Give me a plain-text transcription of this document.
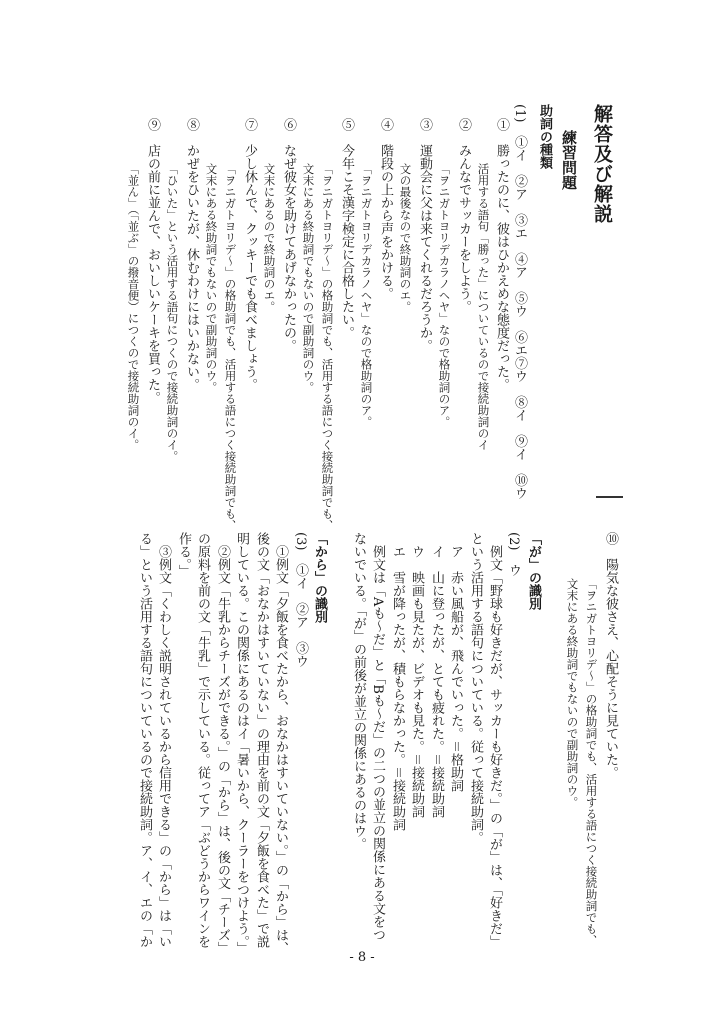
解答及び解説
練習問題
助詞の種類
(1)　①イ　②ア　③エ　④ア　⑤ウ　⑥エ⑦ウ　⑧イ　⑨イ　⑩ウ
①　勝ったのに、彼はひかえめな態度だった。
活用する語句「勝った」についているので接続助詞のイ
②　みんなでサッカーをしよう。
「ヲニガトヨリデカラノヘヤ」なので格助詞のア。
③　運動会に父は来てくれるだろうか。
文の最後なので終助詞のエ。
④　階段の上から声をかける。
「ヲニガトヨリデカラノヘヤ」なので格助詞のア。
⑤　今年こそ漢字検定に合格したい。
「ヲニガトヨリデ～」の格助詞でも、活用する語につく接続助詞でも、
文末にある終助詞でもないので副助詞のウ。
⑥　なぜ彼女を助けてあげなかったの。
文末にあるので終助詞のエ。
⑦　少し休んで、クッキーでも食べましょう。
「ヲニガトヨリデ～」の格助詞でも、活用する語につく接続助詞でも、
文末にある終助詞でもないので副助詞のウ。
⑧　かぜをひいたが、休むわけにはいかない。
「ひいた」という活用する語句につくので接続助詞のイ。
⑨　店の前に並んで、おいしいケーキを買った。
「並ん」（「並ぶ」の撥音便）につくので接続助詞のイ。
⑩　陽気な彼さえ、心配そうに見ていた。
「ヲニガトヨリデ～」の格助詞でも、活用する語につく接続助詞でも、
文末にある終助詞でもないので副助詞のウ。
「が」の識別
(2)　ウ
例文「野球も好きだが、サッカーも好きだ。」の「が」は、「好きだ」
という活用する語句についている。従って接続助詞。
ア　赤い風船が、飛んでいった。＝格助詞
イ　山に登ったが、とても疲れた。＝接続助詞
ウ　映画も見たが、ビデオも見た。＝接続助詞
エ　雪が降ったが、積もらなかった。＝接続助詞
例文は「Aも～だ」と「Bも～だ」の二つの並立の関係にある文をつ
ないでいる。「が」の前後が並立の関係にあるのはウ。
「から」の識別
(3)　①イ　②ア　③ウ
①例文「夕飯を食べたから、おなかはすいていない。」の「から」は、
後の文「おなかはすいていない」の理由を前の文「夕飯を食べた」で説
明している。この関係にあるのはイ「暑いから、クーラーをつけよう。」
②例文「牛乳からチーズができる。」の「から」は、後の文「チーズ」
の原料を前の文「牛乳」で示している。従ってア「ぶどうからワインを
作る。」
③例文「くわしく説明されているから信用できる」の「から」は「い
る」という活用する語句についているので接続助詞。ア、イ、エの「か
- 8 -
